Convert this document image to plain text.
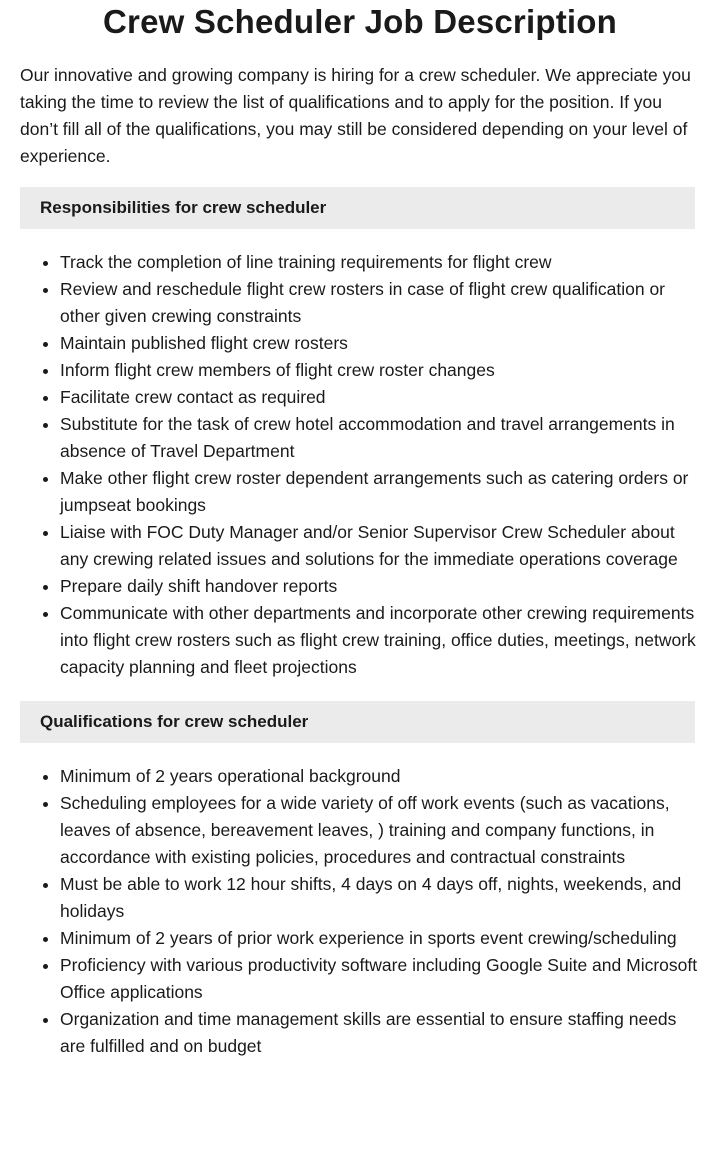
Crew Scheduler Job Description

Our innovative and growing company is hiring for a crew scheduler. We appreciate you taking the time to review the list of qualifications and to apply for the position. If you don’t fill all of the qualifications, you may still be considered depending on your level of experience.

Responsibilities for crew scheduler
• Track the completion of line training requirements for flight crew
• Review and reschedule flight crew rosters in case of flight crew qualification or other given crewing constraints
• Maintain published flight crew rosters
• Inform flight crew members of flight crew roster changes
• Facilitate crew contact as required
• Substitute for the task of crew hotel accommodation and travel arrangements in absence of Travel Department
• Make other flight crew roster dependent arrangements such as catering orders or jumpseat bookings
• Liaise with FOC Duty Manager and/or Senior Supervisor Crew Scheduler about any crewing related issues and solutions for the immediate operations coverage
• Prepare daily shift handover reports
• Communicate with other departments and incorporate other crewing requirements into flight crew rosters such as flight crew training, office duties, meetings, network capacity planning and fleet projections
Qualifications for crew scheduler
• Minimum of 2 years operational background
• Scheduling employees for a wide variety of off work events (such as vacations, leaves of absence, bereavement leaves, ) training and company functions, in accordance with existing policies, procedures and contractual constraints
• Must be able to work 12 hour shifts, 4 days on 4 days off, nights, weekends, and holidays
• Minimum of 2 years of prior work experience in sports event crewing/scheduling
• Proficiency with various productivity software including Google Suite and Microsoft Office applications
• Organization and time management skills are essential to ensure staffing needs are fulfilled and on budget
